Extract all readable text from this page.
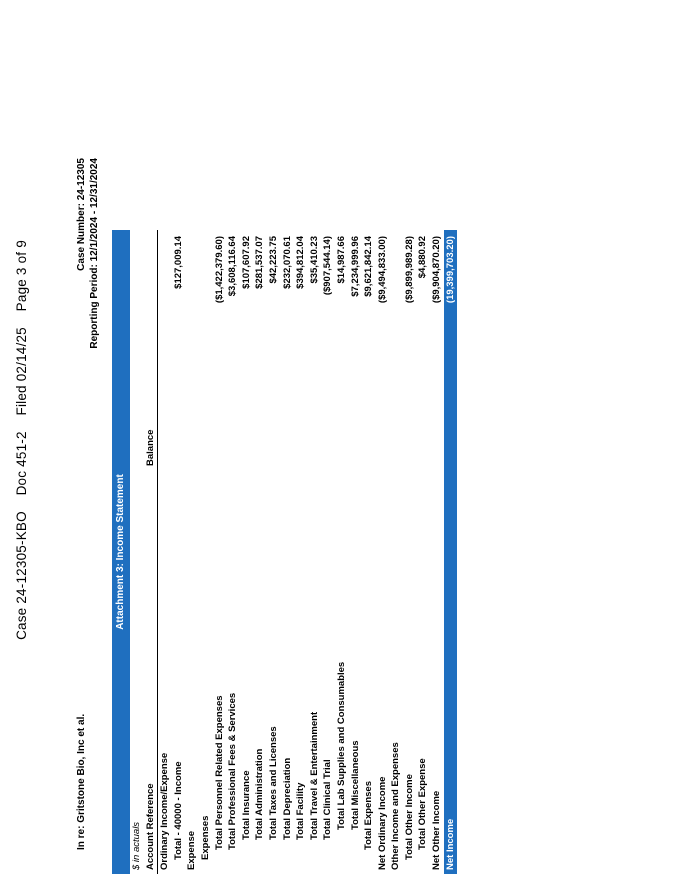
Case 24-12305-KBO    Doc 451-2    Filed 02/14/25    Page 3 of 9
In re: Gritstone Bio, Inc et al.
Case Number: 24-12305 Reporting Period: 12/1/2024 - 12/31/2024
Attachment 3: Income Statement
$ in actuals Account Reference
Balance
Ordinary Income/Expense Total - 40000 - Income
$127,009.14
Expense Expenses Total Personnel Related Expenses
($1,422,379.60)
Total Professional Fees & Services
$3,608,116.64
Total Insurance
$107,607.92
Total Administration
$281,537.07
Total Taxes and Licenses
$42,223.75
Total Depreciation
$232,070.61
Total Facility
$394,812.04
Total Travel & Entertainment
$35,410.23
Total Clinical Trial
($907,544.14)
Total Lab Supplies and Consumables
$14,987.66
Total Miscellaneous
$7,234,999.96
Total Expenses
$9,621,842.14
Net Ordinary Income
($9,494,833.00)
Other Income and Expenses Total Other Income
($9,899,989.28)
Total Other Expense
$4,880.92
Net Other Income
($9,904,870.20)
Net Income
(19,399,703.20)
